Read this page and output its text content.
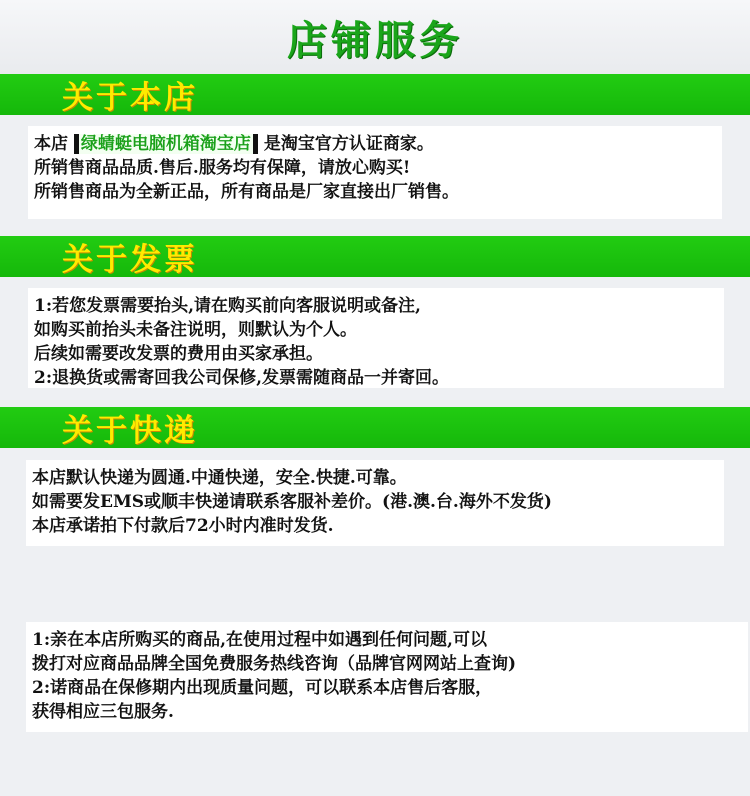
店铺服务
关于本店
本店 绿蜻蜓电脑机箱淘宝店 是淘宝官方认证商家。
所销售商品品质.售后.服务均有保障，请放心购买!
所销售商品为全新正品，所有商品是厂家直接出厂销售。
关于发票
1:若您发票需要抬头,请在购买前向客服说明或备注,
如购买前抬头未备注说明，则默认为个人。
后续如需要改发票的费用由买家承担。
2:退换货或需寄回我公司保修,发票需随商品一并寄回。
关于快递
本店默认快递为圆通.中通快递，安全.快捷.可靠。
如需要发EMS或顺丰快递请联系客服补差价。(港.澳.台.海外不发货)
本店承诺拍下付款后72小时内准时发货.
1:亲在本店所购买的商品,在使用过程中如遇到任何问题,可以
拨打对应商品品牌全国免费服务热线咨询（品牌官网网站上查询)
2:诺商品在保修期内出现质量问题，可以联系本店售后客服，
获得相应三包服务.
